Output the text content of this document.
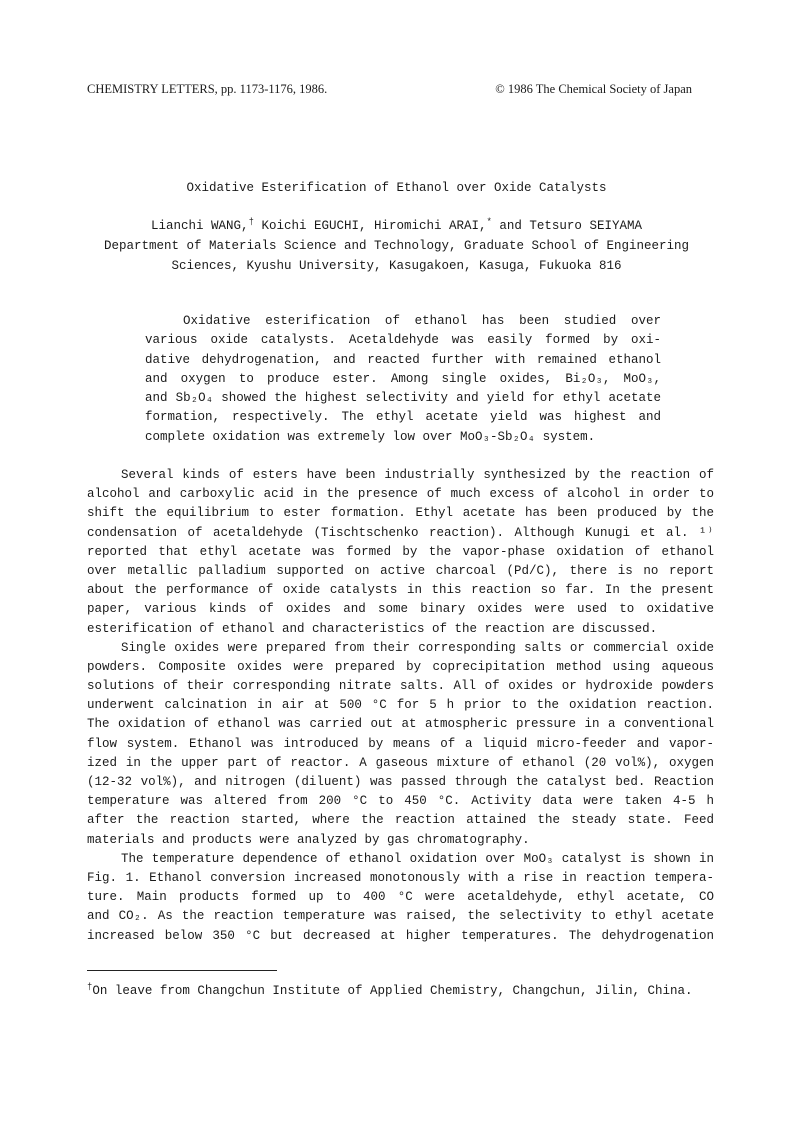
CHEMISTRY LETTERS, pp. 1173-1176, 1986.	© 1986 The Chemical Society of Japan
Oxidative Esterification of Ethanol over Oxide Catalysts
Lianchi WANG,† Koichi EGUCHI, Hiromichi ARAI,* and Tetsuro SEIYAMA
Department of Materials Science and Technology, Graduate School of Engineering
Sciences, Kyushu University, Kasugakoen, Kasuga, Fukuoka 816
Oxidative esterification of ethanol has been studied over
various oxide catalysts. Acetaldehyde was easily formed by oxi-
dative dehydrogenation, and reacted further with remained ethanol
and oxygen to produce ester. Among single oxides, Bi₂O₃, MoO₃,
and Sb₂O₄ showed the highest selectivity and yield for ethyl acetate
formation, respectively. The ethyl acetate yield was highest and
complete oxidation was extremely low over MoO₃-Sb₂O₄ system.
Several kinds of esters have been industrially synthesized by the reaction of
alcohol and carboxylic acid in the presence of much excess of alcohol in order to
shift the equilibrium to ester formation. Ethyl acetate has been produced by the
condensation of acetaldehyde (Tischtschenko reaction). Although Kunugi et al. ¹⁾
reported that ethyl acetate was formed by the vapor-phase oxidation of ethanol
over metallic palladium supported on active charcoal (Pd/C), there is no report
about the performance of oxide catalysts in this reaction so far. In the present
paper, various kinds of oxides and some binary oxides were used to oxidative
esterification of ethanol and characteristics of the reaction are discussed.
Single oxides were prepared from their corresponding salts or commercial oxide
powders. Composite oxides were prepared by coprecipitation method using aqueous
solutions of their corresponding nitrate salts. All of oxides or hydroxide powders
underwent calcination in air at 500 °C for 5 h prior to the oxidation reaction.
The oxidation of ethanol was carried out at atmospheric pressure in a conventional
flow system. Ethanol was introduced by means of a liquid micro-feeder and vapor-
ized in the upper part of reactor. A gaseous mixture of ethanol (20 vol%), oxygen
(12-32 vol%), and nitrogen (diluent) was passed through the catalyst bed. Reaction
temperature was altered from 200 °C to 450 °C. Activity data were taken 4-5 h
after the reaction started, where the reaction attained the steady state. Feed
materials and products were analyzed by gas chromatography.
The temperature dependence of ethanol oxidation over MoO₃ catalyst is shown in
Fig. 1. Ethanol conversion increased monotonously with a rise in reaction tempera-
ture. Main products formed up to 400 °C were acetaldehyde, ethyl acetate, CO
and CO₂. As the reaction temperature was raised, the selectivity to ethyl acetate
increased below 350 °C but decreased at higher temperatures. The dehydrogenation
†On leave from Changchun Institute of Applied Chemistry, Changchun, Jilin, China.
